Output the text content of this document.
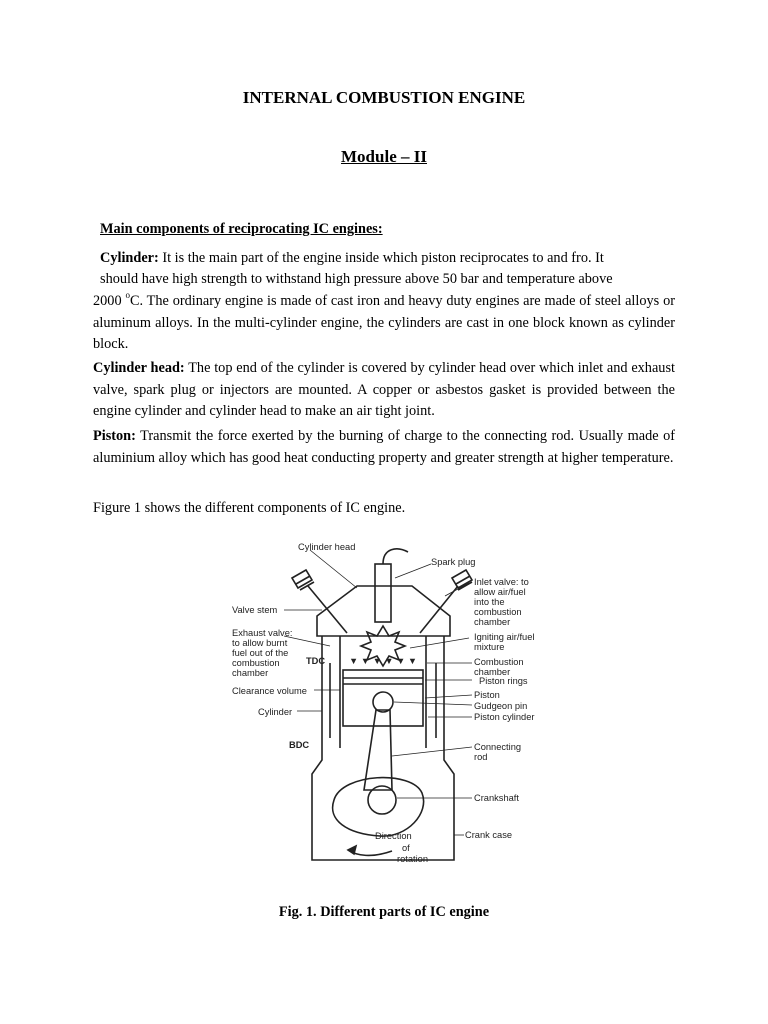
INTERNAL COMBUSTION ENGINE
Module – II
Main components of reciprocating IC engines:
Cylinder: It is the main part of the engine inside which piston reciprocates to and fro. It
should have high strength to withstand high pressure above 50 bar and temperature above
2000 $^o$C. The ordinary engine is made of cast iron and heavy duty engines are made of steel alloys or aluminum alloys. In the multi-cylinder engine, the cylinders are cast in one block known as cylinder block.
Cylinder head: The top end of the cylinder is covered by cylinder head over which inlet and exhaust valve, spark plug or injectors are mounted. A copper or asbestos gasket is provided between the engine cylinder and cylinder head to make an air tight joint.
Piston: Transmit the force exerted by the burning of charge to the connecting rod. Usually made of aluminium alloy which has good heat conducting property and greater strength at higher temperature.
Figure 1 shows the different components of IC engine.
▼ ▼ ▼ ▼ ▼ ▼
Cylinder head
Spark plug
Inlet valve: to
allow air/fuel
into the
combustion
chamber
Valve stem
Exhaust valve:
to allow burnt
fuel out of the
combustion
chamber
TDC
Igniting air/fuel
mixture
Combustion
chamber
Piston rings
Clearance volume	Piston
Gudgeon pin
Cylinder	Piston cylinder
BDC	Connecting
rod
Crankshaft
Direction
of
rotation
Crank case
Fig. 1. Different parts of IC engine
